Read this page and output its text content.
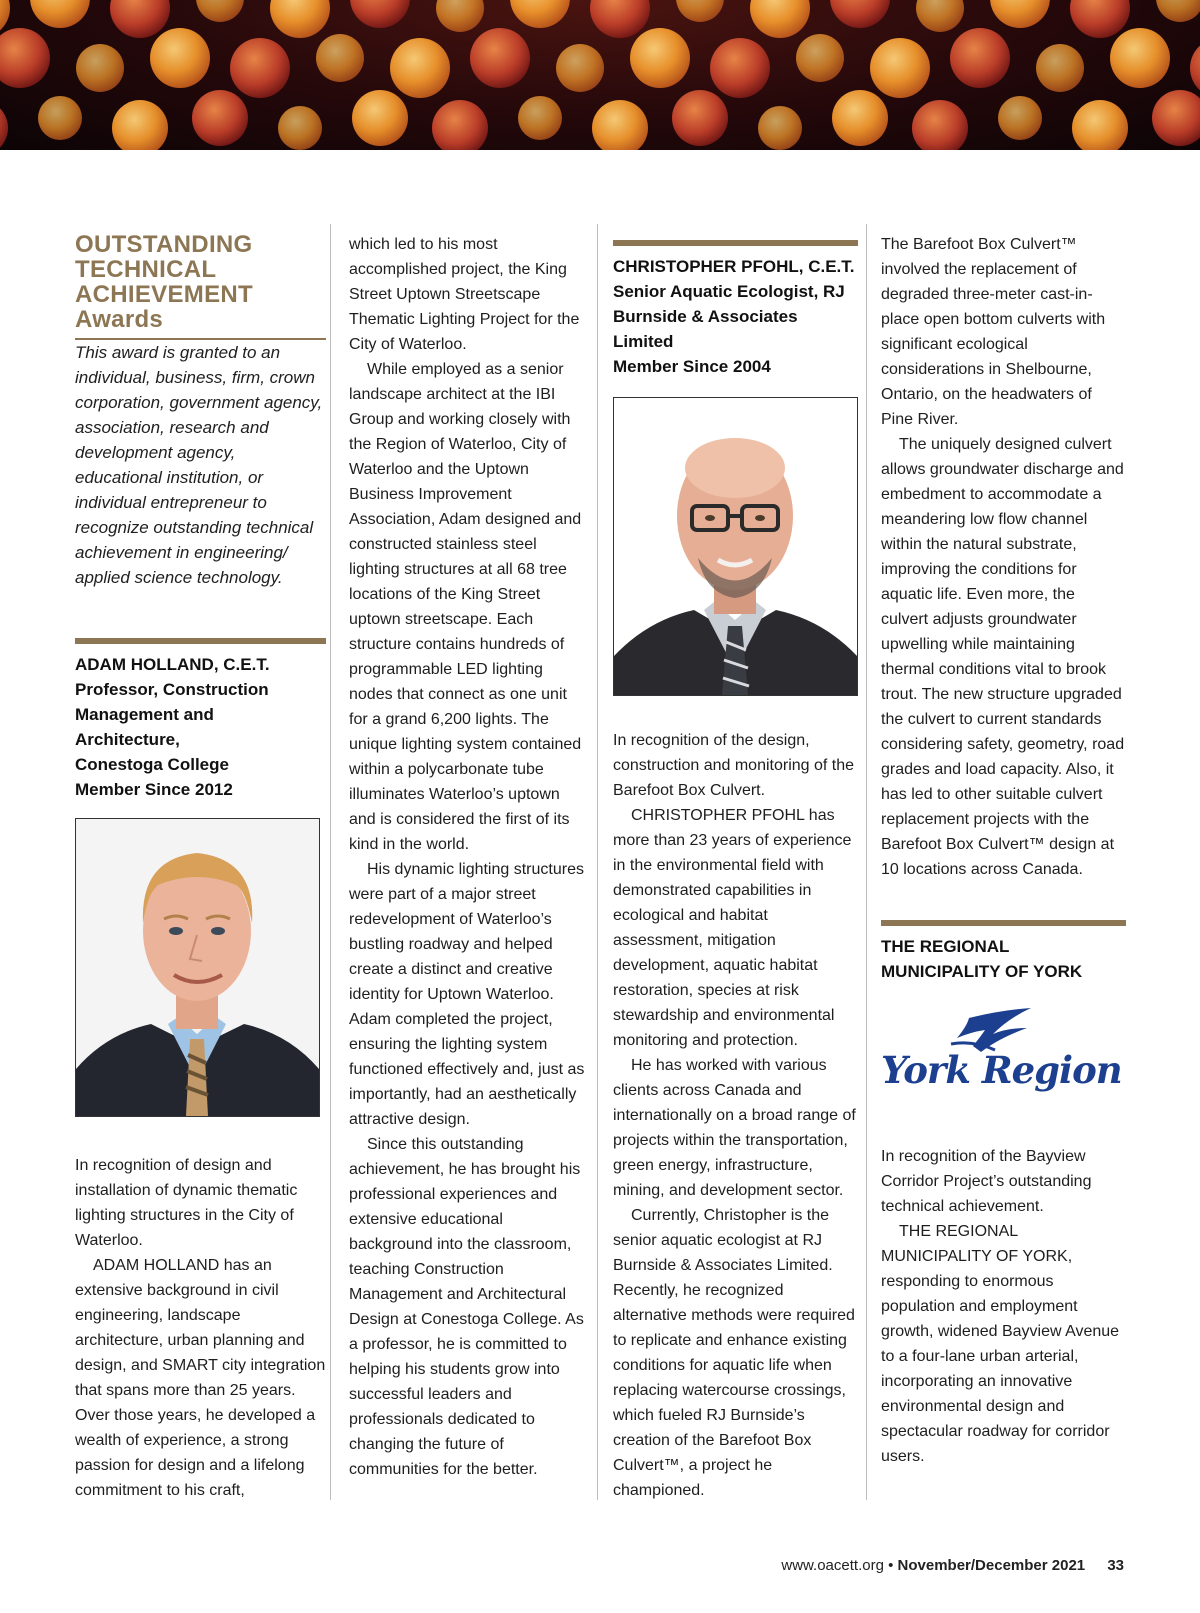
OUTSTANDING
TECHNICAL
ACHIEVEMENT
Awards

This award is granted to an individual, business, firm, crown corporation, government agency, association, research and development agency, educational institution, or individual entrepreneur to recognize outstanding technical achievement in engineering/ applied science technology.

ADAM HOLLAND, C.E.T.
Professor, Construction
Management and
Architecture,
Conestoga College
Member Since 2012

In recognition of design and installation of dynamic thematic lighting structures in the City of Waterloo.

ADAM HOLLAND has an extensive background in civil engineering, landscape architecture, urban planning and design, and SMART city integration that spans more than 25 years. Over those years, he developed a wealth of experience, a strong passion for design and a lifelong commitment to his craft,

which led to his most accomplished project, the King Street Uptown Streetscape Thematic Lighting Project for the City of Waterloo.

While employed as a senior landscape architect at the IBI Group and working closely with the Region of Waterloo, City of Waterloo and the Uptown Business Improvement Association, Adam designed and constructed stainless steel lighting structures at all 68 tree locations of the King Street uptown streetscape. Each structure contains hundreds of programmable LED lighting nodes that connect as one unit for a grand 6,200 lights. The unique lighting system contained within a polycarbonate tube illuminates Waterloo’s uptown and is considered the first of its kind in the world.

His dynamic lighting structures were part of a major street redevelopment of Waterloo’s bustling roadway and helped create a distinct and creative identity for Uptown Waterloo. Adam completed the project, ensuring the lighting system functioned effectively and, just as importantly, had an aesthetically attractive design.

Since this outstanding achievement, he has brought his professional experiences and extensive educational background into the classroom, teaching Construction Management and Architectural Design at Conestoga College. As a professor, he is committed to helping his students grow into successful leaders and professionals dedicated to changing the future of communities for the better.

CHRISTOPHER PFOHL, C.E.T.
Senior Aquatic Ecologist, RJ
Burnside & Associates Limited
Member Since 2004

In recognition of the design, construction and monitoring of the Barefoot Box Culvert.

CHRISTOPHER PFOHL has more than 23 years of experience in the environmental field with demonstrated capabilities in ecological and habitat assessment, mitigation development, aquatic habitat restoration, species at risk stewardship and environmental monitoring and protection.

He has worked with various clients across Canada and internationally on a broad range of projects within the transportation, green energy, infrastructure, mining, and development sector.

Currently, Christopher is the senior aquatic ecologist at RJ Burnside & Associates Limited. Recently, he recognized alternative methods were required to replicate and enhance existing conditions for aquatic life when replacing watercourse crossings, which fueled RJ Burnside’s creation of the Barefoot Box Culvert™, a project he championed.

The Barefoot Box Culvert™ involved the replacement of degraded three-meter cast-in-place open bottom culverts with significant ecological considerations in Shelbourne, Ontario, on the headwaters of Pine River.

The uniquely designed culvert allows groundwater discharge and embedment to accommodate a meandering low flow channel within the natural substrate, improving the conditions for aquatic life. Even more, the culvert adjusts groundwater upwelling while maintaining thermal conditions vital to brook trout. The new structure upgraded the culvert to current standards considering safety, geometry, road grades and load capacity. Also, it has led to other suitable culvert replacement projects with the Barefoot Box Culvert™ design at 10 locations across Canada.

THE REGIONAL
MUNICIPALITY OF YORK
York Region

In recognition of the Bayview Corridor Project’s outstanding technical achievement.

THE REGIONAL MUNICIPALITY OF YORK, responding to enormous population and employment growth, widened Bayview Avenue to a four-lane urban arterial, incorporating an innovative environmental design and spectacular roadway for corridor users.

www.oacett.org • November/December 2021 33
